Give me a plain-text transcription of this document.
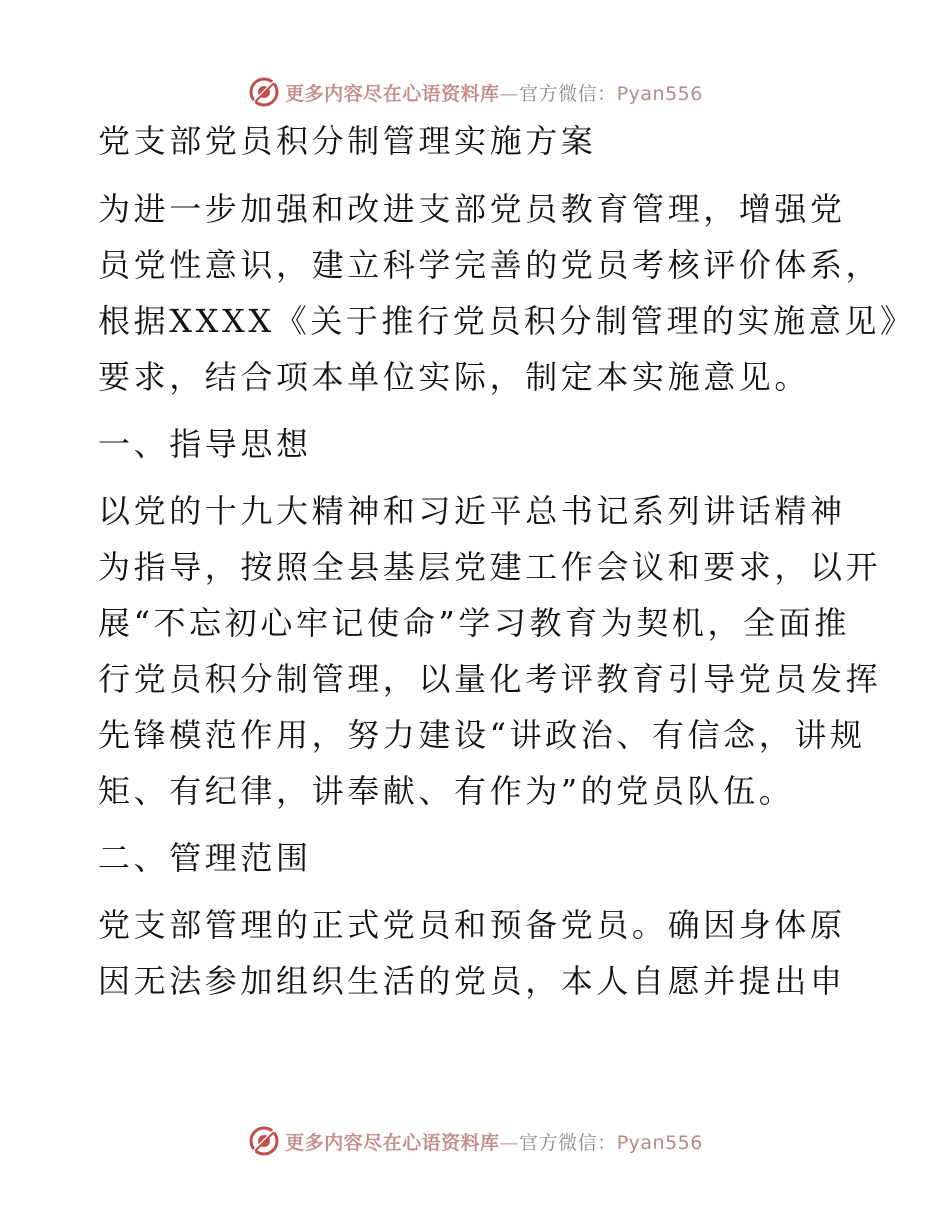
更多内容尽在心语资料库—官方微信：Pyan556
党支部党员积分制管理实施方案
为进一步加强和改进支部党员教育管理，增强党
员党性意识，建立科学完善的党员考核评价体系，
根据XXXX《关于推行党员积分制管理的实施意见》
要求，结合项本单位实际，制定本实施意见。
一、指导思想
以党的十九大精神和习近平总书记系列讲话精神
为指导，按照全县基层党建工作会议和要求，以开
展“不忘初心牢记使命”学习教育为契机，全面推
行党员积分制管理，以量化考评教育引导党员发挥
先锋模范作用，努力建设“讲政治、有信念，讲规
矩、有纪律，讲奉献、有作为”的党员队伍。
二、管理范围
党支部管理的正式党员和预备党员。确因身体原
因无法参加组织生活的党员，本人自愿并提出申
更多内容尽在心语资料库—官方微信：Pyan556
